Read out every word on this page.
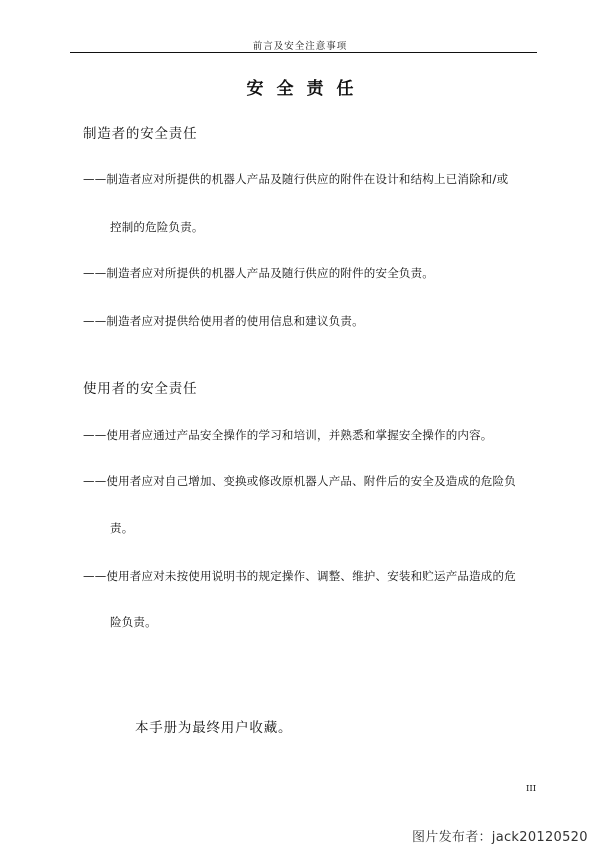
前言及安全注意事项
安全责任
制造者的安全责任
——制造者应对所提供的机器人产品及随行供应的附件在设计和结构上已消除和/或
控制的危险负责。
——制造者应对所提供的机器人产品及随行供应的附件的安全负责。
——制造者应对提供给使用者的使用信息和建议负责。
使用者的安全责任
——使用者应通过产品安全操作的学习和培训，并熟悉和掌握安全操作的内容。
——使用者应对自己增加、变换或修改原机器人产品、附件后的安全及造成的危险负
责。
——使用者应对未按使用说明书的规定操作、调整、维护、安装和贮运产品造成的危
险负责。
本手册为最终用户收藏。
III
图片发布者：jack20120520
